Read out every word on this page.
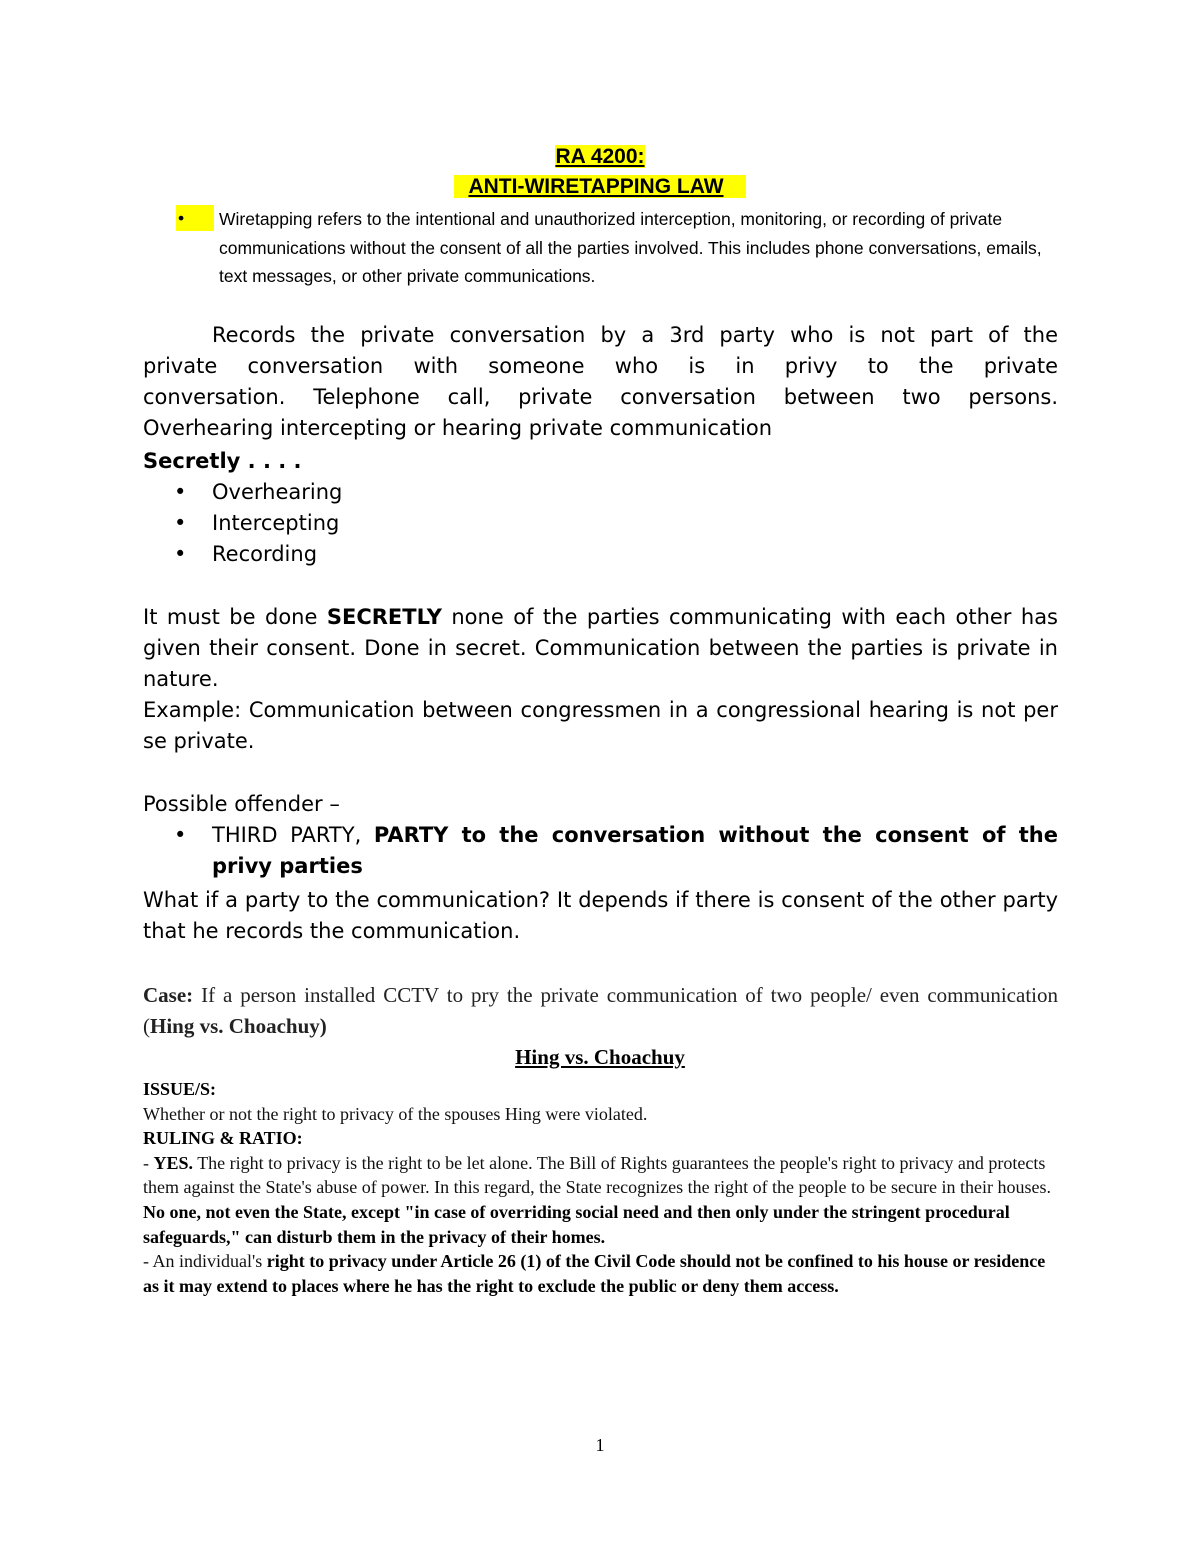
RA 4200:
ANTI-WIRETAPPING LAW
•	Wiretapping refers to the intentional and unauthorized interception, monitoring, or recording of private communications without the consent of all the parties involved. This includes phone conversations, emails, text messages, or other private communications.
Records the private conversation by a 3rd party who is not part of the
private conversation with someone who is in privy to the private
conversation. Telephone call, private conversation between two persons.
Overhearing intercepting or hearing private communication
Secretly . . . .
• Overhearing
• Intercepting
• Recording
It must be done SECRETLY none of the parties communicating with each other has given their consent. Done in secret. Communication between the parties is private in nature.
Example: Communication between congressmen in a congressional hearing is not per se private.
Possible offender –
• THIRD PARTY, PARTY to the conversation without the consent of the privy parties
What if a party to the communication? It depends if there is consent of the other party that he records the communication.
Case: If a person installed CCTV to pry the private communication of two people/ even communication (Hing vs. Choachuy)
Hing vs. Choachuy
ISSUE/S:
Whether or not the right to privacy of the spouses Hing were violated.
RULING & RATIO:
- YES. The right to privacy is the right to be let alone. The Bill of Rights guarantees the people's right to privacy and protects them against the State's abuse of power. In this regard, the State recognizes the right of the people to be secure in their houses. No one, not even the State, except "in case of overriding social need and then only under the stringent procedural safeguards," can disturb them in the privacy of their homes.
- An individual's right to privacy under Article 26 (1) of the Civil Code should not be confined to his house or residence as it may extend to places where he has the right to exclude the public or deny them access.
1
